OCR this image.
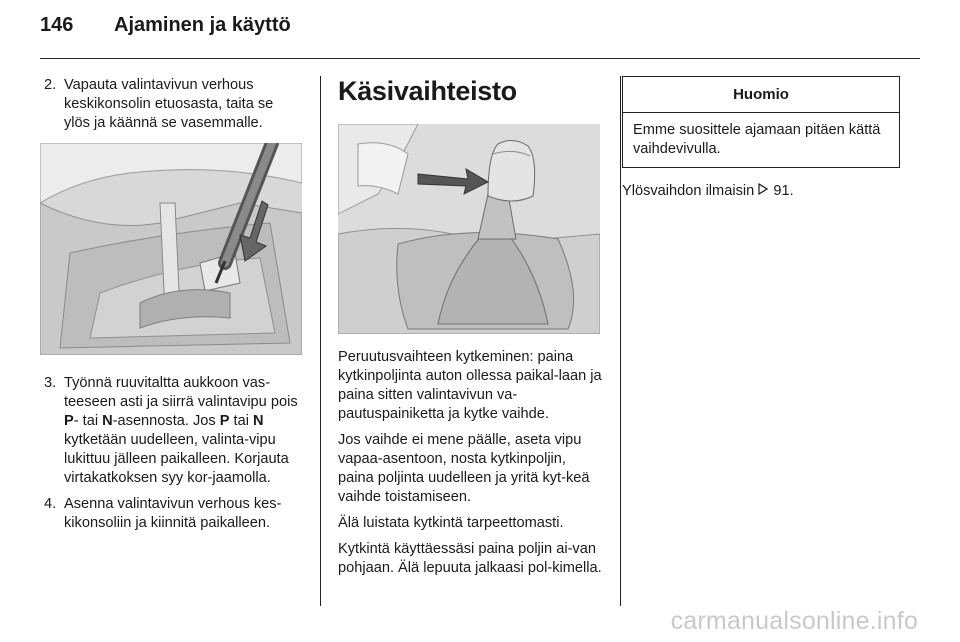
146 Ajaminen ja käyttö

2. Vapauta valintavivun verhous keskikonsolin etuosasta, taita se ylös ja käännä se vasemmalle.

3. Työnnä ruuvitaltta aukkoon vas-teeseen asti ja siirrä valintavipu pois P- tai N-asennosta. Jos P tai N kytketään uudelleen, valinta-vipu lukittuu jälleen paikalleen. Korjauta virtakatkoksen syy kor-jaamolla.

4. Asenna valintavivun verhous kes-kikonsoliin ja kiinnitä paikalleen.

Käsivaihteisto

Peruutusvaihteen kytkeminen: paina kytkinpoljinta auton ollessa paikal-laan ja paina sitten valintavivun va-pautuspainiketta ja kytke vaihde.

Jos vaihde ei mene päälle, aseta vipu vapaa-asentoon, nosta kytkinpoljin, paina poljinta uudelleen ja yritä kyt-keä vaihde toistamiseen.

Älä luistata kytkintä tarpeettomasti.

Kytkintä käyttäessäsi paina poljin ai-van pohjaan. Älä lepuuta jalkaasi pol-kimella.

Huomio
Emme suosittele ajamaan pitäen kättä vaihdevivulla.

Ylösvaihdon ilmaisin 91.

carmanualsonline.info
